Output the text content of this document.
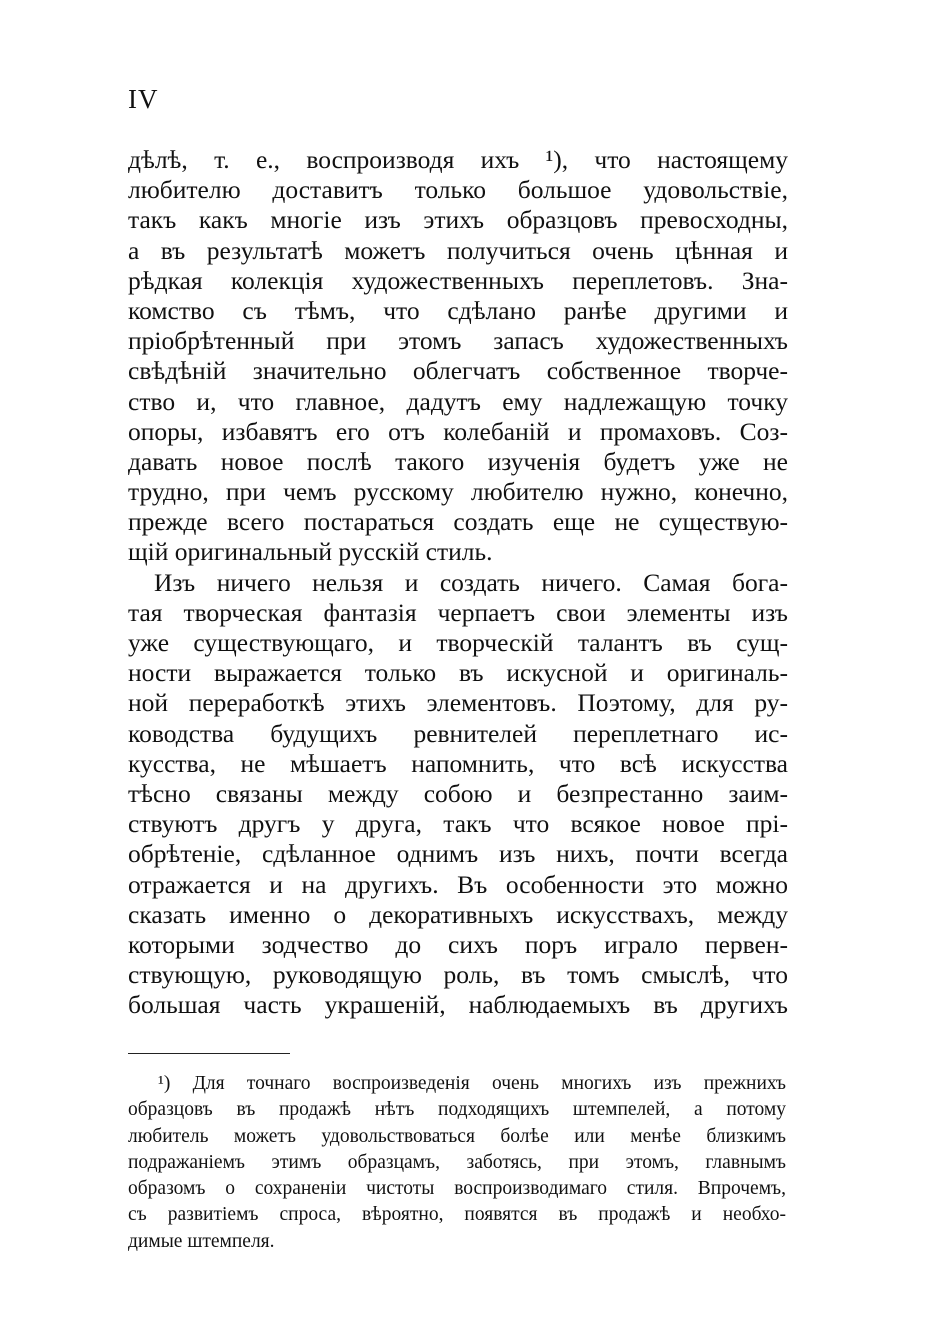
IV
дѣлѣ, т. е., воспроизводя ихъ ¹), что настоящему
любителю доставитъ только большое удовольствіе,
такъ какъ многіе изъ этихъ образцовъ превосходны,
а въ результатѣ можетъ получиться очень цѣнная и
рѣдкая колекція художественныхъ переплетовъ. Зна-
комство съ тѣмъ, что сдѣлано ранѣе другими и
пріобрѣтенный при этомъ запасъ художественныхъ
свѣдѣній значительно облегчатъ собственное творче-
ство и, что главное, дадутъ ему надлежащую точку
опоры, избавятъ его отъ колебаній и промаховъ. Соз-
давать новое послѣ такого изученія будетъ уже не
трудно, при чемъ русскому любителю нужно, конечно,
прежде всего постараться создать еще не существую-
щій оригинальный русскій стиль.
Изъ ничего нельзя и создать ничего. Самая бога-
тая творческая фантазія черпаетъ свои элементы изъ
уже существующаго, и творческій талантъ въ сущ-
ности выражается только въ искусной и оригиналь-
ной переработкѣ этихъ элементовъ. Поэтому, для ру-
ководства будущихъ ревнителей переплетнаго ис-
кусства, не мѣшаетъ напомнить, что всѣ искусства
тѣсно связаны между собою и безпрестанно заим-
ствуютъ другъ у друга, такъ что всякое новое прі-
обрѣтеніе, сдѣланное однимъ изъ нихъ, почти всегда
отражается и на другихъ. Въ особенности это можно
сказать именно о декоративныхъ искусствахъ, между
которыми зодчество до сихъ поръ играло первен-
ствующую, руководящую роль, въ томъ смыслѣ, что
большая часть украшеній, наблюдаемыхъ въ другихъ
¹) Для точнаго воспроизведенія очень многихъ изъ прежнихъ
образцовъ въ продажѣ нѣтъ подходящихъ штемпелей, а потому
любитель можетъ удовольствоваться болѣе или менѣе близкимъ
подражаніемъ этимъ образцамъ, заботясь, при этомъ, главнымъ
образомъ о сохраненіи чистоты воспроизводимаго стиля. Впрочемъ,
съ развитіемъ спроса, вѣроятно, появятся въ продажѣ и необхо-
димые штемпеля.
